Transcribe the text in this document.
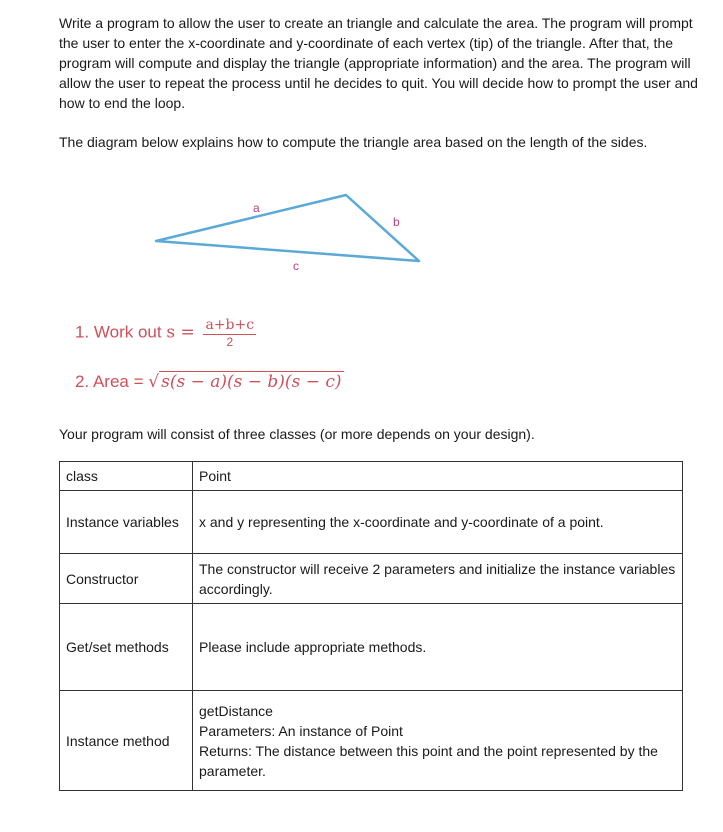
Write a program to allow the user to create an triangle and calculate the area. The program will prompt the user to enter the x-coordinate and y-coordinate of each vertex (tip) of the triangle. After that, the program will compute and display the triangle (appropriate information) and the area. The program will allow the user to repeat the process until he decides to quit. You will decide how to prompt the user and how to end the loop.

The diagram below explains how to compute the triangle area based on the length of the sides.

a
b
c
1. Work out $s = \frac{a+b+c}{2}$
2. Area = √ s(s − a)(s − b)(s − c)

Your program will consist of three classes (or more depends on your design).

class	Point

Instance variables	x and y representing the x-coordinate and y-coordinate of a point.

Constructor	The constructor will receive 2 parameters and initialize the instance variables accordingly.

Get/set methods	Please include appropriate methods.

Instance method	getDistance
Parameters: An instance of Point
Returns: The distance between this point and the point represented by the parameter.
